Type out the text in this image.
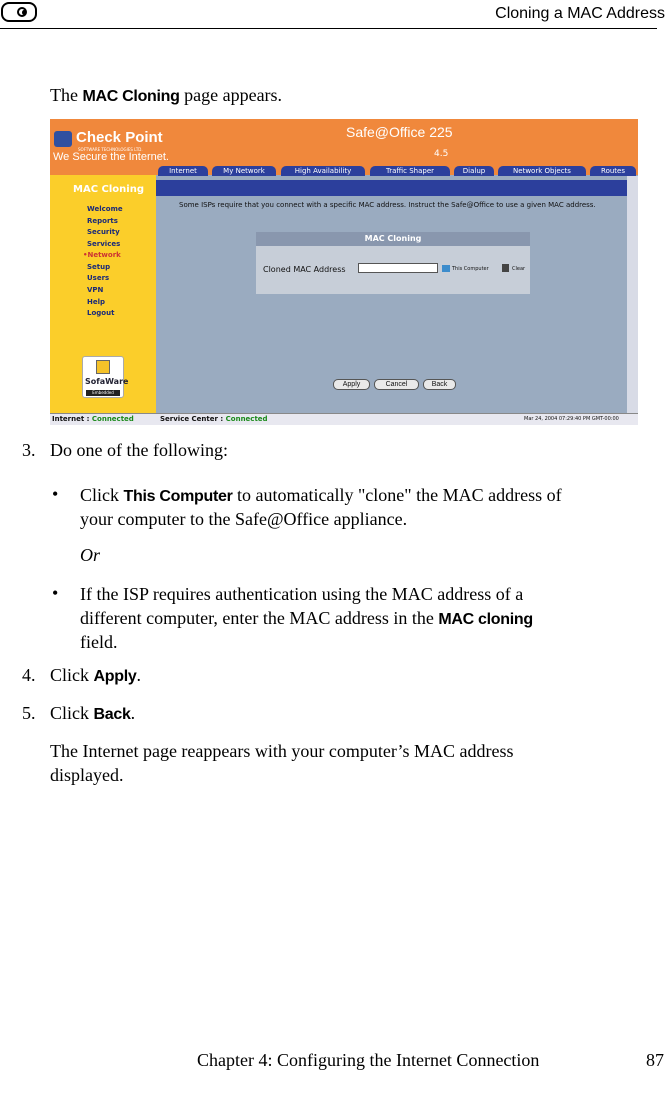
Cloning a MAC Address
The MAC Cloning page appears.
Check Point
SOFTWARE TECHNOLOGIES LTD.
We Secure the Internet.
Safe@Office 225
4.5
Internet	My Network	High Availability	Traffic Shaper	Dialup	Network Objects	Routes
Welcome
Reports
Security
Services
•Network
Setup
Users
VPN
Help
Logout
SofaWare
Embedded
MAC Cloning
Some ISPs require that you connect with a specific MAC address. Instruct the Safe@Office to use a given MAC address.
MAC Cloning
Cloned MAC Address	This Computer	Clear
Apply	Cancel	Back
Internet : Connected	Service Center : Connected	Mar 24, 2004 07:29:40 PM GMT-00:00
3. Do one of the following:
• Click This Computer to automatically "clone" the MAC address of
your computer to the Safe@Office appliance.
Or
• If the ISP requires authentication using the MAC address of a
different computer, enter the MAC address in the MAC cloning
field.
4. Click Apply.
5. Click Back.
The Internet page reappears with your computer’s MAC address
displayed.
Chapter 4: Configuring the Internet Connection	87
